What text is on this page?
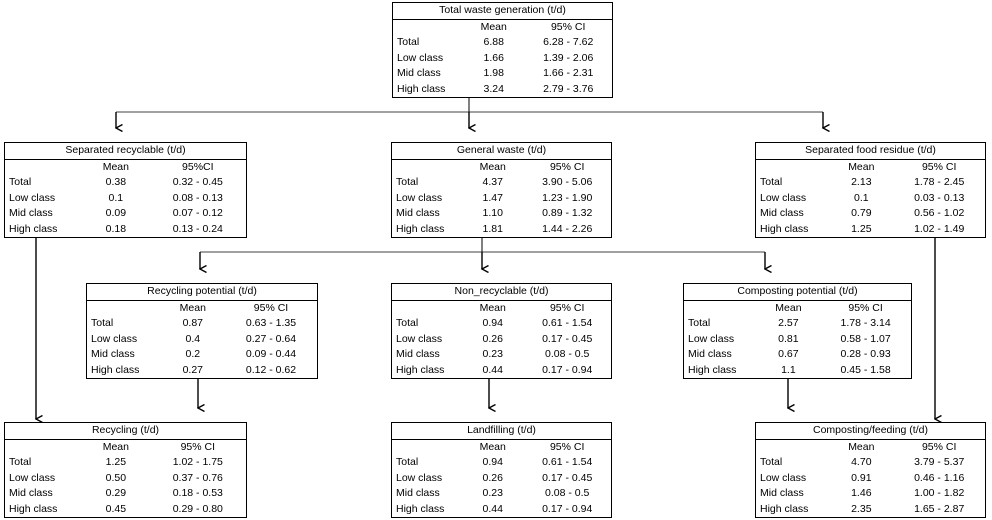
Total waste generation (t/d)
Mean	95% CI
Total	6.88	6.28 - 7.62
Low class	1.66	1.39 - 2.06
Mid class	1.98	1.66 - 2.31
High class	3.24	2.79 - 3.76
Separated recyclable (t/d)
Mean	95%CI
Total	0.38	0.32 - 0.45
Low class	0.1	0.08 - 0.13
Mid class	0.09	0.07 - 0.12
High class	0.18	0.13 - 0.24
General waste (t/d)
Mean	95% CI
Total	4.37	3.90 - 5.06
Low class	1.47	1.23 - 1.90
Mid class	1.10	0.89 - 1.32
High class	1.81	1.44 - 2.26
Separated food residue (t/d)
Mean	95% CI
Total	2.13	1.78 - 2.45
Low class	0.1	0.03 - 0.13
Mid class	0.79	0.56 - 1.02
High class	1.25	1.02 - 1.49
Recycling potential (t/d)
Mean	95% CI
Total	0.87	0.63 - 1.35
Low class	0.4	0.27 - 0.64
Mid class	0.2	0.09 - 0.44
High class	0.27	0.12 - 0.62
Non_recyclable (t/d)
Mean	95% CI
Total	0.94	0.61 - 1.54
Low class	0.26	0.17 - 0.45
Mid class	0.23	0.08 - 0.5
High class	0.44	0.17 - 0.94
Composting potential (t/d)
Mean	95% CI
Total	2.57	1.78 - 3.14
Low class	0.81	0.58 - 1.07
Mid class	0.67	0.28 - 0.93
High class	1.1	0.45 - 1.58
Recycling (t/d)
Mean	95% CI
Total	1.25	1.02 - 1.75
Low class	0.50	0.37 - 0.76
Mid class	0.29	0.18 - 0.53
High class	0.45	0.29 - 0.80
Landfilling (t/d)
Mean	95% CI
Total	0.94	0.61 - 1.54
Low class	0.26	0.17 - 0.45
Mid class	0.23	0.08 - 0.5
High class	0.44	0.17 - 0.94
Composting/feeding (t/d)
Mean	95% CI
Total	4.70	3.79 - 5.37
Low class	0.91	0.46 - 1.16
Mid class	1.46	1.00 - 1.82
High class	2.35	1.65 - 2.87
